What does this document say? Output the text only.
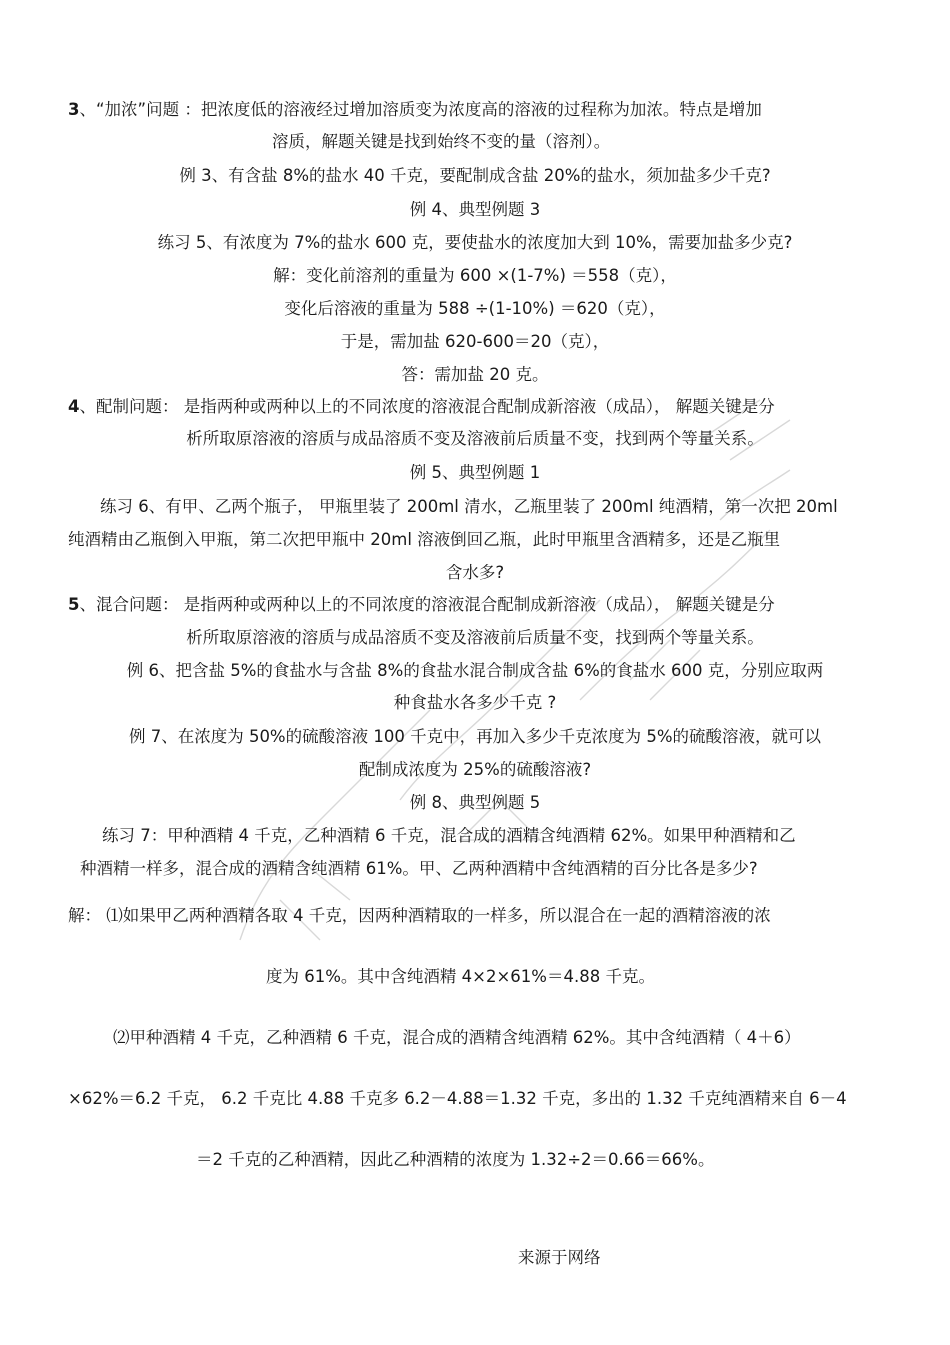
3、“加浓”问题 ：把浓度低的溶液经过增加溶质变为浓度高的溶液的过程称为加浓。特点是增加
溶质，解题关键是找到始终不变的量（溶剂）。
例 3、有含盐 8%的盐水 40 千克，要配制成含盐 20%的盐水，须加盐多少千克?
例 4、典型例题 3
练习 5、有浓度为 7%的盐水 600 克，要使盐水的浓度加大到 10%，需要加盐多少克?
解：变化前溶剂的重量为 600 ×(1-7%) ＝558（克），
变化后溶液的重量为 588 ÷(1-10%) ＝620（克），
于是，需加盐 620-600＝20（克），
答：需加盐 20 克。
4、配制问题： 是指两种或两种以上的不同浓度的溶液混合配制成新溶液（成品）， 解题关键是分
析所取原溶液的溶质与成品溶质不变及溶液前后质量不变，找到两个等量关系。
例 5、典型例题 1
练习 6、有甲、乙两个瓶子， 甲瓶里装了 200ml 清水，乙瓶里装了 200ml 纯酒精，第一次把 20ml
纯酒精由乙瓶倒入甲瓶，第二次把甲瓶中 20ml 溶液倒回乙瓶，此时甲瓶里含酒精多，还是乙瓶里
含水多?
5、混合问题： 是指两种或两种以上的不同浓度的溶液混合配制成新溶液（成品）， 解题关键是分
析所取原溶液的溶质与成品溶质不变及溶液前后质量不变，找到两个等量关系。
例 6、把含盐 5%的食盐水与含盐 8%的食盐水混合制成含盐 6%的食盐水 600 克，分别应取两
种食盐水各多少千克 ?
例 7、在浓度为 50%的硫酸溶液 100 千克中，再加入多少千克浓度为 5%的硫酸溶液，就可以
配制成浓度为 25%的硫酸溶液?
例 8、典型例题 5
练习 7：甲种酒精 4 千克，乙种酒精 6 千克，混合成的酒精含纯酒精 62%。如果甲种酒精和乙
种酒精一样多，混合成的酒精含纯酒精 61%。甲、乙两种酒精中含纯酒精的百分比各是多少?
解： ⑴如果甲乙两种酒精各取 4 千克，因两种酒精取的一样多，所以混合在一起的酒精溶液的浓
度为 61%。其中含纯酒精 4×2×61%＝4.88 千克。
⑵甲种酒精 4 千克，乙种酒精 6 千克，混合成的酒精含纯酒精 62%。其中含纯酒精（ 4＋6）
×62%＝6.2 千克， 6.2 千克比 4.88 千克多 6.2－4.88＝1.32 千克，多出的 1.32 千克纯酒精来自 6－4
＝2 千克的乙种酒精，因此乙种酒精的浓度为 1.32÷2＝0.66＝66%。
来源于网络
